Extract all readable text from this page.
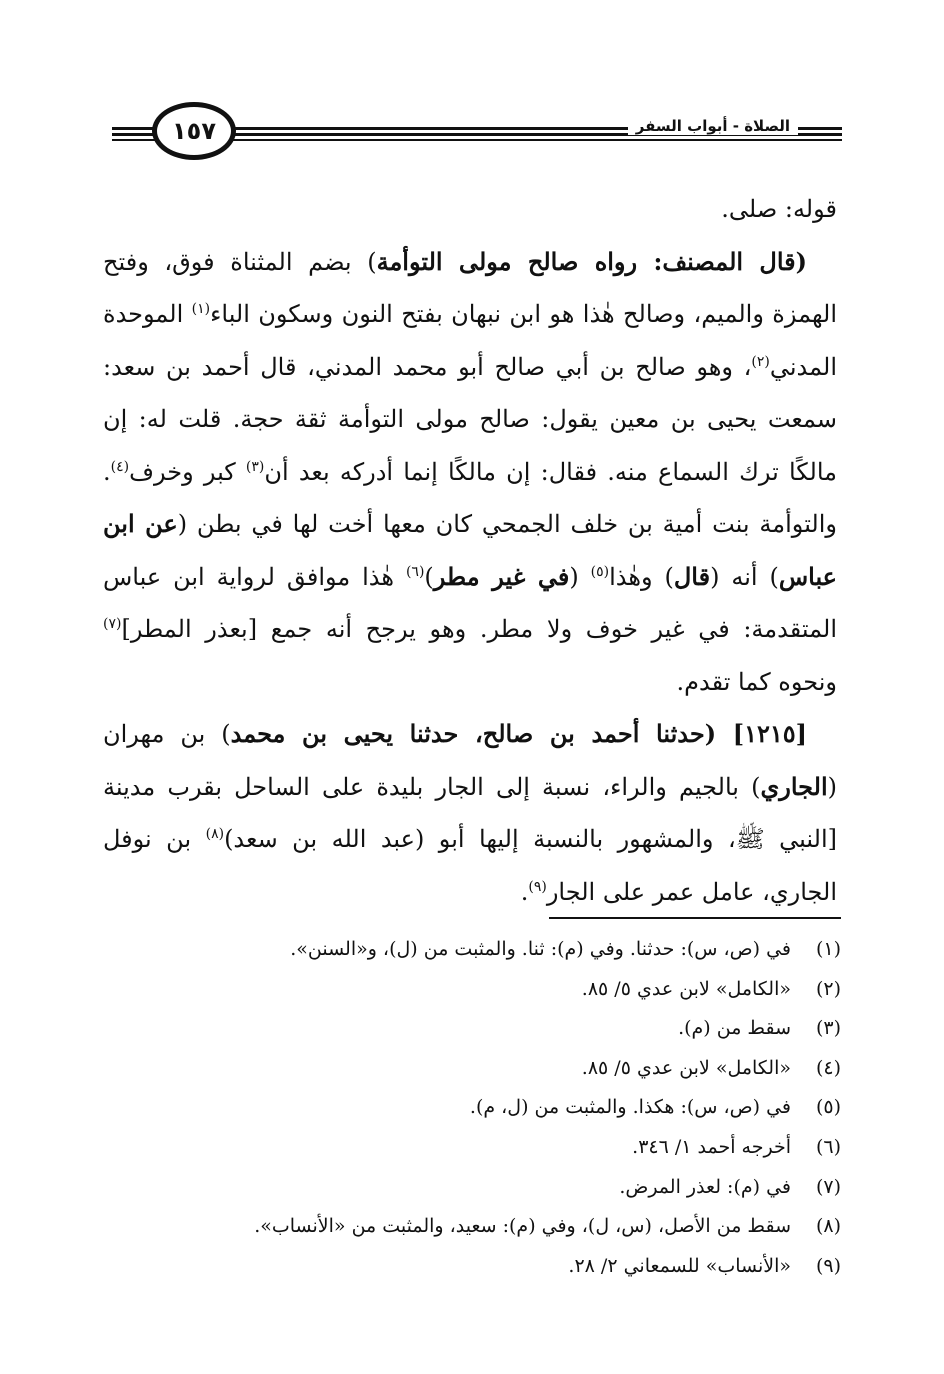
١٥٧	الصلاة - أبواب السفر

قوله: صلى.

(قال المصنف: رواه صالح مولى التوأمة) بضم المثناة فوق، وفتح الهمزة والميم، وصالح هٰذا هو ابن نبهان بفتح النون وسكون الباء$^{(١)}$ الموحدة المدني$^{(٢)}$، وهو صالح بن أبي صالح أبو محمد المدني، قال أحمد بن سعد: سمعت يحيى بن معين يقول: صالح مولى التوأمة ثقة حجة. قلت له: إن مالكًا ترك السماع منه. فقال: إن مالكًا إنما أدركه بعد أن$^{(٣)}$ كبر وخرف$^{(٤)}$. والتوأمة بنت أمية بن خلف الجمحي كان معها أخت لها في بطن (عن ابن عباس) أنه (قال) وهٰذا$^{(٥)}$ (في غير مطر)$^{(٦)}$ هٰذا موافق لرواية ابن عباس المتقدمة: في غير خوف ولا مطر. وهو يرجح أنه جمع [بعذر المطر]$^{(٧)}$ ونحوه كما تقدم.

[١٢١٥] (حدثنا أحمد بن صالح، حدثنا يحيى بن محمد) بن مهران (الجاري) بالجيم والراء، نسبة إلى الجار بليدة على الساحل بقرب مدينة [النبي ﷺ، والمشهور بالنسبة إليها أبو (عبد الله بن سعد)$^{(٨)}$ بن نوفل الجاري، عامل عمر على الجار$^{(٩)}$.

(١)
في (ص، س): حدثنا. وفي (م): ثنا. والمثبت من (ل)، و«السنن».
(٢)
«الكامل» لابن عدي ٥/ ٨٥.
(٣)
سقط من (م).
(٤)
«الكامل» لابن عدي ٥/ ٨٥.
(٥)
في (ص، س): هكذا. والمثبت من (ل، م).
(٦)
أخرجه أحمد ١/ ٣٤٦.
(٧)
في (م): لعذر المرض.
(٨)
سقط من الأصل، (س، ل)، وفي (م): سعيد، والمثبت من «الأنساب».
(٩)
«الأنساب» للسمعاني ٢/ ٢٨.
